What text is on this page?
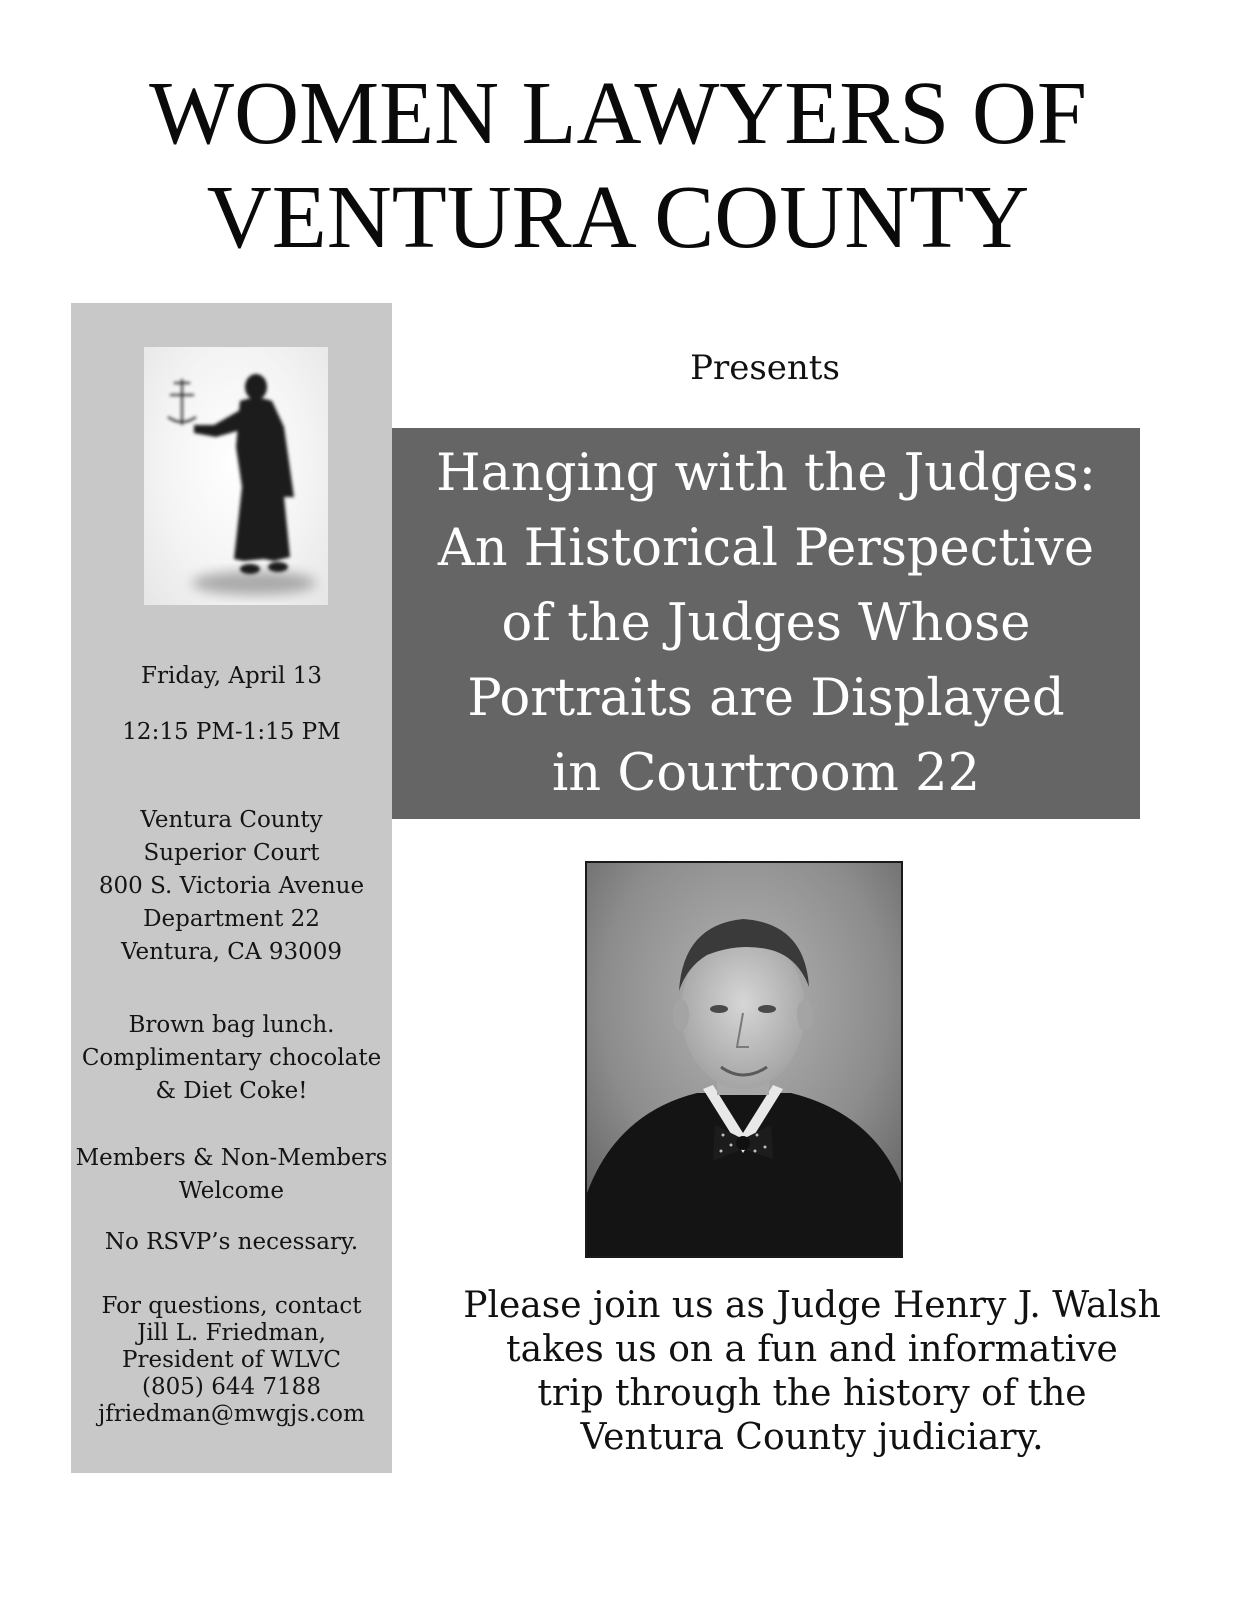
WOMEN LAWYERS OF
VENTURA COUNTY
Friday, April 13
12:15 PM-1:15 PM
Ventura County
Superior Court
800 S. Victoria Avenue
Department 22
Ventura, CA 93009
Brown bag lunch.
Complimentary chocolate
& Diet Coke!
Members & Non-Members
Welcome
No RSVP’s necessary.
For questions, contact
Jill L. Friedman,
President of WLVC
(805) 644 7188
jfriedman@mwgjs.com
Presents
Hanging with the Judges:
An Historical Perspective
of the Judges Whose
Portraits are Displayed
in Courtroom 22
Please join us as Judge Henry J. Walsh
takes us on a fun and informative
trip through the history of the
Ventura County judiciary.
